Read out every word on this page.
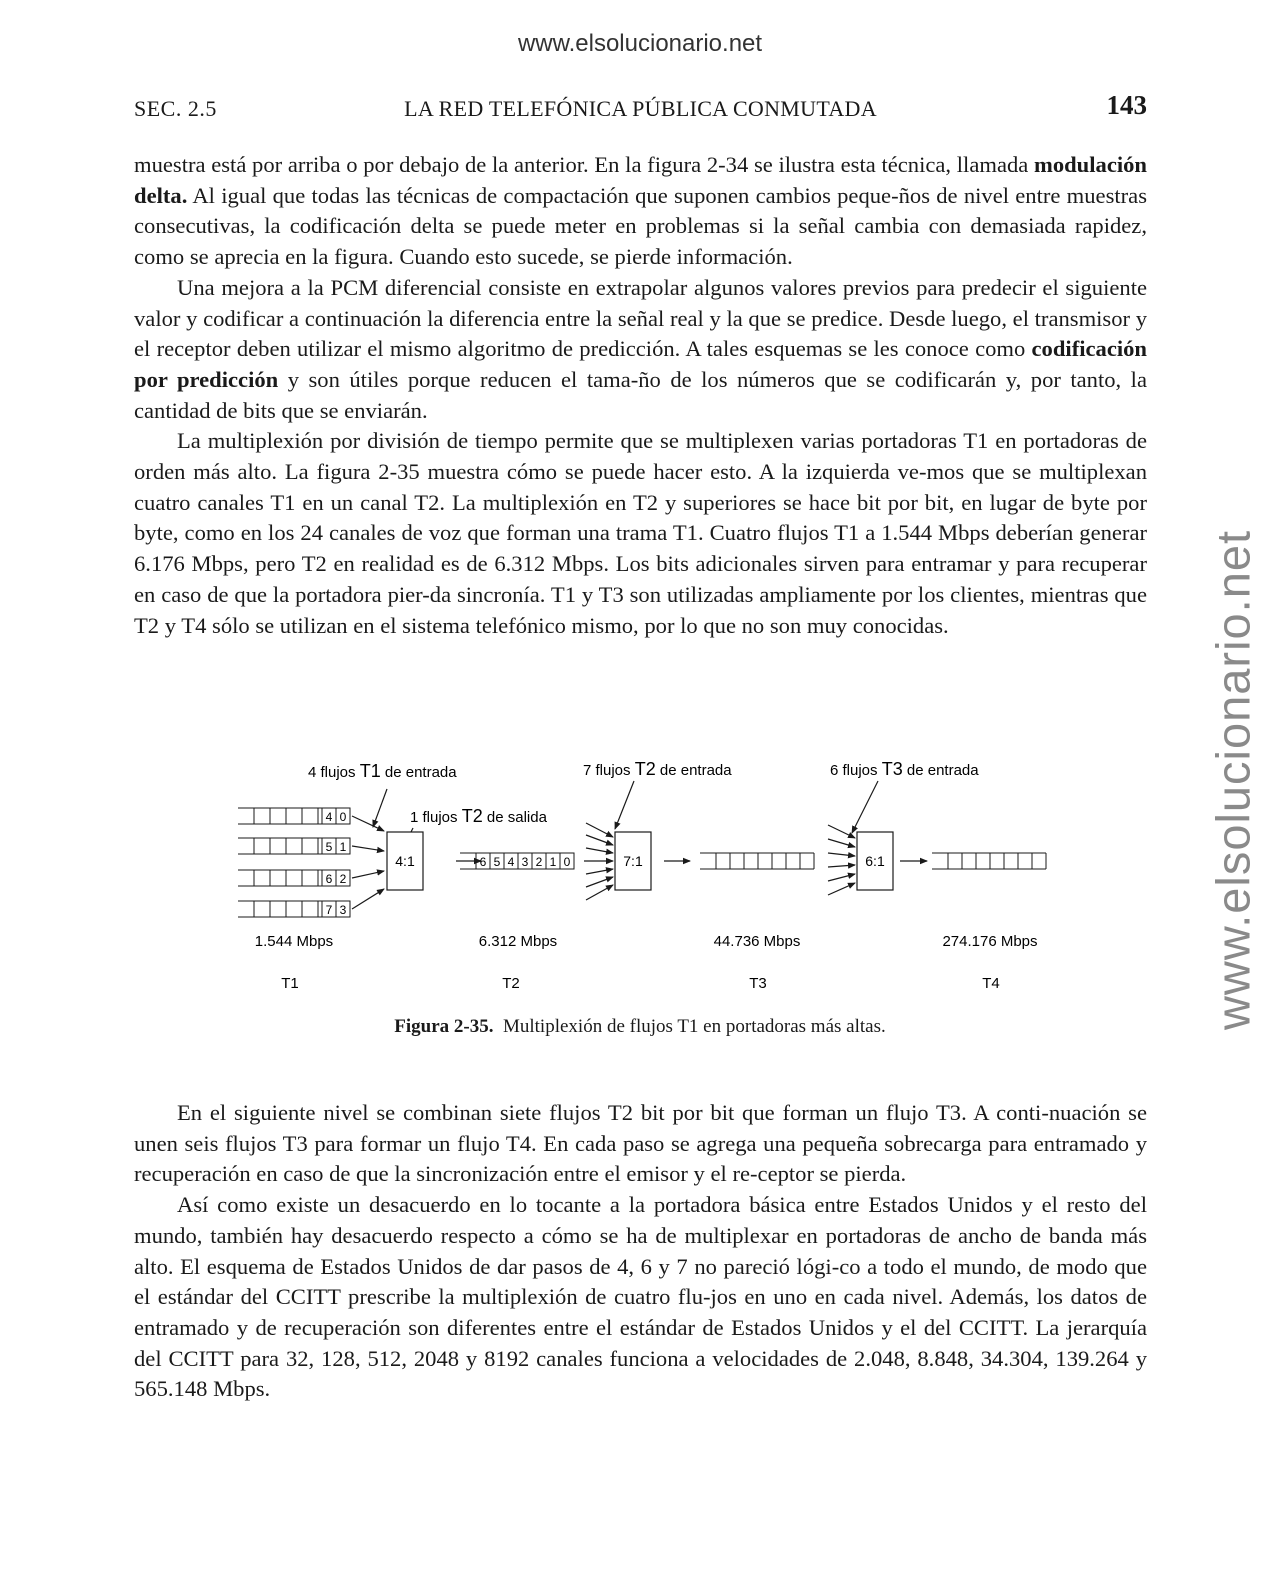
www.elsolucionario.net
www.elsolucionario.net
SEC. 2.5	LA RED TELEFÓNICA PÚBLICA CONMUTADA	143

muestra está por arriba o por debajo de la anterior. En la figura 2-34 se ilustra esta técnica, llamada modulación delta. Al igual que todas las técnicas de compactación que suponen cambios peque-ños de nivel entre muestras consecutivas, la codificación delta se puede meter en problemas si la señal cambia con demasiada rapidez, como se aprecia en la figura. Cuando esto sucede, se pierde información.

Una mejora a la PCM diferencial consiste en extrapolar algunos valores previos para predecir el siguiente valor y codificar a continuación la diferencia entre la señal real y la que se predice. Desde luego, el transmisor y el receptor deben utilizar el mismo algoritmo de predicción. A tales esquemas se les conoce como codificación por predicción y son útiles porque reducen el tama-ño de los números que se codificarán y, por tanto, la cantidad de bits que se enviarán.

La multiplexión por división de tiempo permite que se multiplexen varias portadoras T1 en portadoras de orden más alto. La figura 2-35 muestra cómo se puede hacer esto. A la izquierda ve-mos que se multiplexan cuatro canales T1 en un canal T2. La multiplexión en T2 y superiores se hace bit por bit, en lugar de byte por byte, como en los 24 canales de voz que forman una trama T1. Cuatro flujos T1 a 1.544 Mbps deberían generar 6.176 Mbps, pero T2 en realidad es de 6.312 Mbps. Los bits adicionales sirven para entramar y para recuperar en caso de que la portadora pier-da sincronía. T1 y T3 son utilizadas ampliamente por los clientes, mientras que T2 y T4 sólo se utilizan en el sistema telefónico mismo, por lo que no son muy conocidas.

4 flujos T1 de entrada	7 flujos T2 de entrada	6 flujos T3 de entrada
1 flujos T2 de salida
4 0
5 1
6 2
7 3
4:1	6 5 4 3 2 1 0	7:1	6:1
1.544 Mbps	6.312 Mbps	44.736 Mbps	274.176 Mbps
T1	T2	T3	T4
Figura 2-35. Multiplexión de flujos T1 en portadoras más altas.

En el siguiente nivel se combinan siete flujos T2 bit por bit que forman un flujo T3. A conti-nuación se unen seis flujos T3 para formar un flujo T4. En cada paso se agrega una pequeña sobrecarga para entramado y recuperación en caso de que la sincronización entre el emisor y el re-ceptor se pierda.

Así como existe un desacuerdo en lo tocante a la portadora básica entre Estados Unidos y el resto del mundo, también hay desacuerdo respecto a cómo se ha de multiplexar en portadoras de ancho de banda más alto. El esquema de Estados Unidos de dar pasos de 4, 6 y 7 no pareció lógi-co a todo el mundo, de modo que el estándar del CCITT prescribe la multiplexión de cuatro flu-jos en uno en cada nivel. Además, los datos de entramado y de recuperación son diferentes entre el estándar de Estados Unidos y el del CCITT. La jerarquía del CCITT para 32, 128, 512, 2048 y 8192 canales funciona a velocidades de 2.048, 8.848, 34.304, 139.264 y 565.148 Mbps.
